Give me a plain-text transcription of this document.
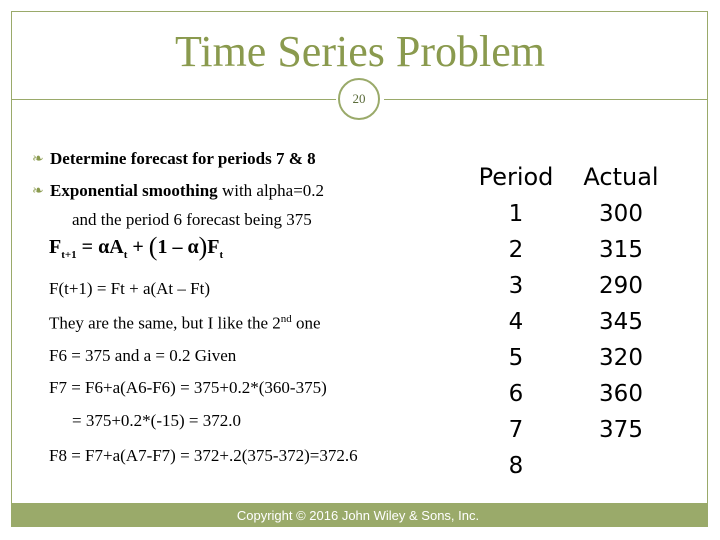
Time Series Problem
20
❧ Determine forecast for periods 7 & 8
❧ Exponential smoothing with alpha=0.2
and the period 6 forecast being 375
$F_{t+1} = \alpha A_t + (1 - \alpha)F_t$
F(t+1) = Ft + a(At – Ft)
They are the same, but I like the 2nd one
F6 = 375 and a = 0.2 Given
F7 = F6+a(A6-F6) = 375+0.2*(360-375)
= 375+0.2*(-15) = 372.0
F8 = F7+a(A7-F7) = 372+.2(375-372)=372.6
Period	Actual
1	300
2	315
3	290
4	345
5	320
6	360
7	375
8
Copyright © 2016 John Wiley & Sons, Inc.
